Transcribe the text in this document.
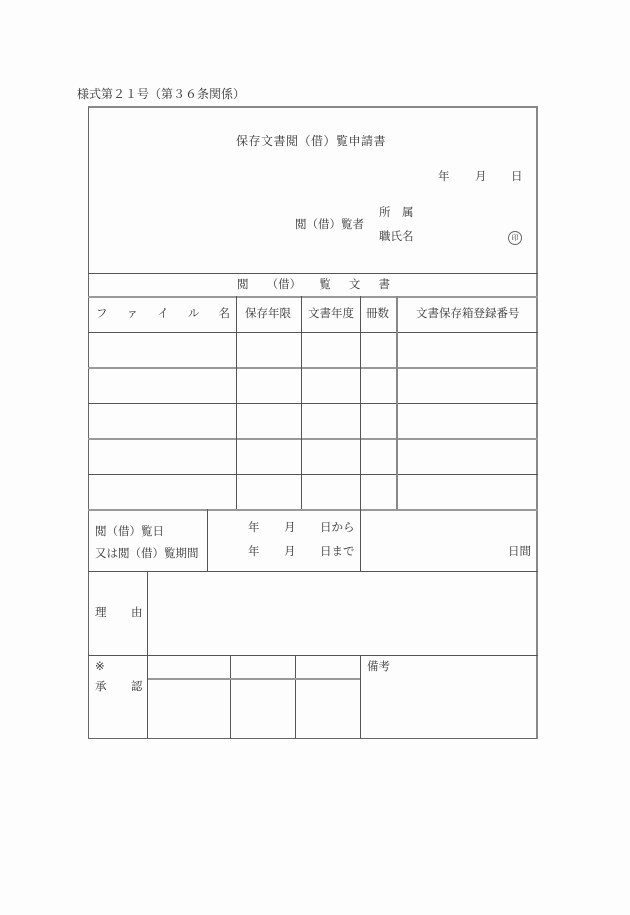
様式第２１号（第３６条関係）
保存文書閲（借）覧申請書
年 月 日
閲（借）覧者
所　属
職氏名	印
閲 （借） 覧 文 書
フ ァ イ ル 名 保存年限 文書年度 冊数 文書保存箱登録番号
閲（借）覧日
又は閲（借）覧期間
年 月 日から
年 月 日まで	日間
理 由
※
承 認
備考
